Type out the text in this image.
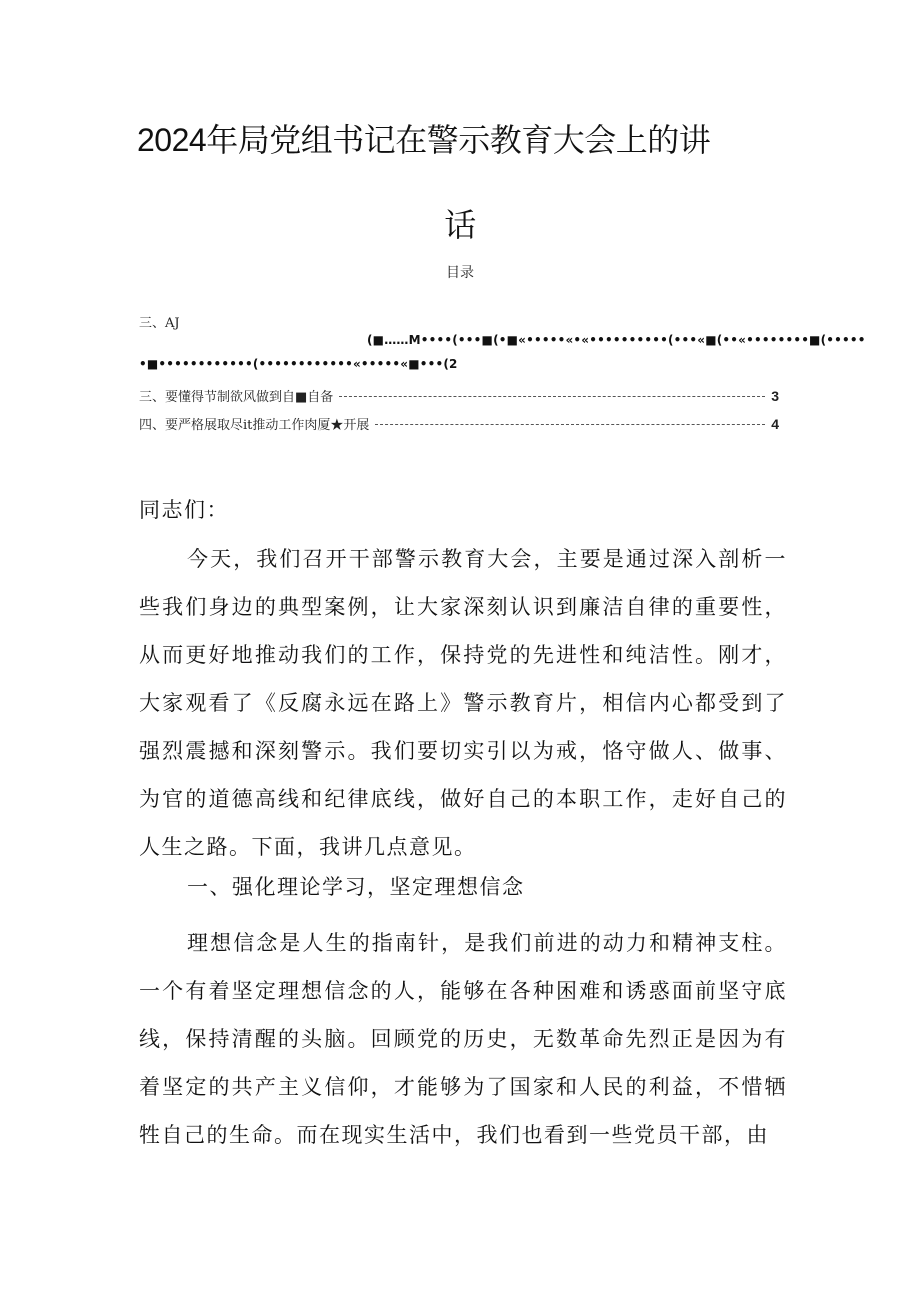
2024年局党组书记在警示教育大会上的讲
话
目录
三、AJ
(■……M••••(•••■(•■«•••••«•«••••••••••(•••«■(••«••••••••■(•••••
•■••••••••••••(••••••••••••«•••••«■•••(2
三、要懂得节制欲风做到自■自备	3
四、要严格展取尽it推动工作肉厦★开展	4
同志们：
今天，我们召开干部警示教育大会，主要是通过深入剖析一些我们身边的典型案例，让大家深刻认识到廉洁自律的重要性，从而更好地推动我们的工作，保持党的先进性和纯洁性。刚才，大家观看了《反腐永远在路上》警示教育片，相信内心都受到了强烈震撼和深刻警示。我们要切实引以为戒，恪守做人、做事、为官的道德高线和纪律底线，做好自己的本职工作，走好自己的人生之路。下面，我讲几点意见。
一、强化理论学习，坚定理想信念
理想信念是人生的指南针，是我们前进的动力和精神支柱。一个有着坚定理想信念的人，能够在各种困难和诱惑面前坚守底线，保持清醒的头脑。回顾党的历史，无数革命先烈正是因为有着坚定的共产主义信仰，才能够为了国家和人民的利益，不惜牺牲自己的生命。而在现实生活中，我们也看到一些党员干部，由
